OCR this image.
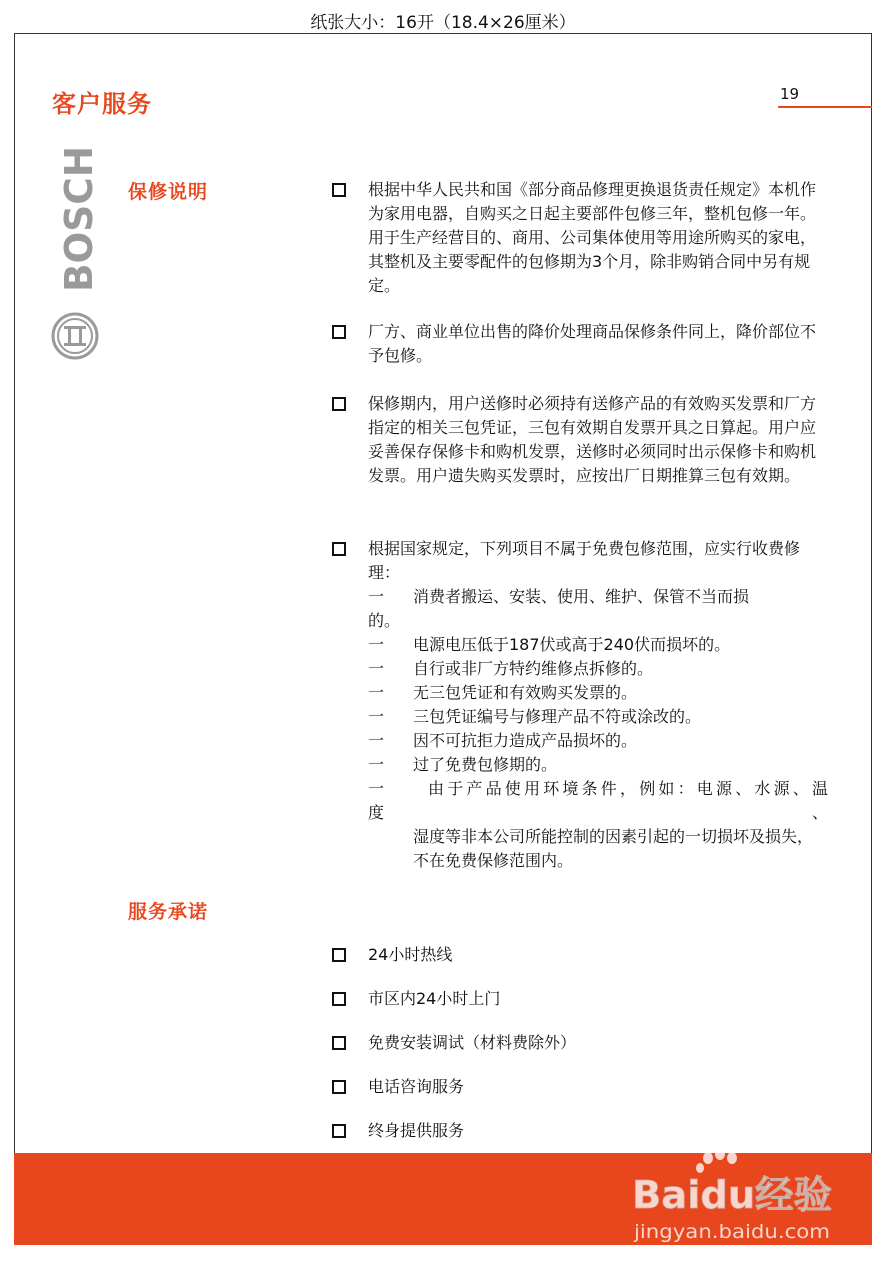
纸张大小：16开（18.4×26厘米）
客户服务	19
BOSCH 保修说明	根据中华人民共和国《部分商品修理更换退货责任规定》本机作为家用电器，自购买之日起主要部件包修三年，整机包修一年。用于生产经营目的、商用、公司集体使用等用途所购买的家电， 其整机及主要零配件的包修期为3个月，除非购销合同中另有规定。
厂方、商业单位出售的降价处理商品保修条件同上，降价部位不予包修。
保修期内，用户送修时必须持有送修产品的有效购买发票和厂方指定的相关三包凭证，三包有效期自发票开具之日算起。用户应妥善保存保修卡和购机发票，送修时必须同时出示保修卡和购机发票。用户遗失购买发票时，应按出厂日期推算三包有效期。
根据国家规定，下列项目不属于免费包修范围，应实行收费修理：
一 消费者搬运、安装、使用、维护、保管不当而损
的。
一 电源电压低于187伏或高于240伏而损坏的。
一 自行或非厂方特约维修点拆修的。
一 无三包凭证和有效购买发票的。
一 三包凭证编号与修理产品不符或涂改的。
一 因不可抗拒力造成产品损坏的。
一 过了免费包修期的。
一	由于产品使用环境条件，例如：电源、水源、温
度	、
湿度等非本公司所能控制的因素引起的一切损坏及损失，不在免费保修范围内。
服务承诺
24小时热线
市区内24小时上门
免费安装调试（材料费除外）
电话咨询服务
终身提供服务
Baidu经验
jingyan.baidu.com
